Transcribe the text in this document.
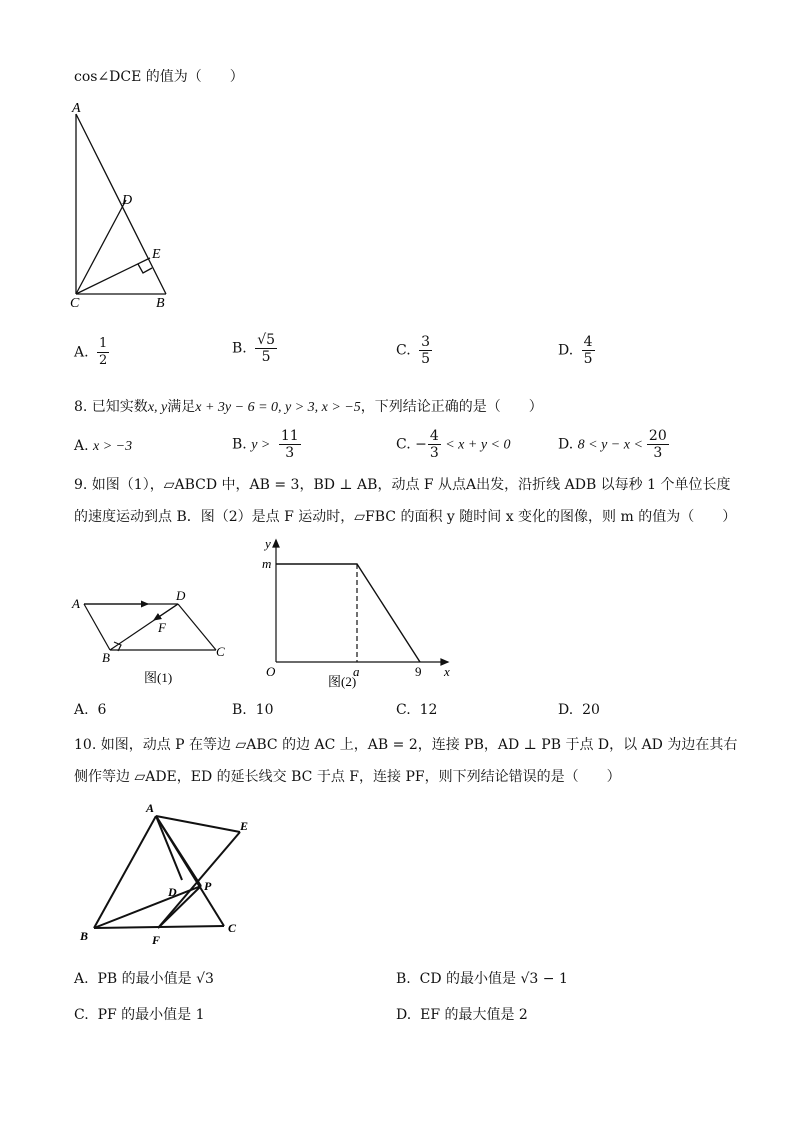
cos∠DCE 的值为（　　）
A
D
E
C	B
A. $\frac{1}{2}$	B. $\frac{√5}{5}$	C. $\frac{3}{5}$	D. $\frac{4}{5}$
8. 已知实数x, y满足x + 3y − 6 = 0, y > 3, x > −5，下列结论正确的是（　　）
A. x > −3	B. $y > \frac{11}{3}$	C. − $\frac{4}{3} < x + y < 0$	D. $8 < y - x < \frac{20}{3}$
9. 如图（1），▱ABCD 中，AB = 3，BD ⊥ AB，动点 F 从点A出发，沿折线 ADB 以每秒 1 个单位长度
的速度运动到点 B．图（2）是点 F 运动时，▱FBC 的面积 y 随时间 x 变化的图像，则 m 的值为（　　）
A
D
F
B	C
图(1)
y
m
O	a	9 x
图(2)
A. 6	B. 10	C. 12	D. 20
10. 如图，动点 P 在等边 ▱ABC 的边 AC 上，AB = 2，连接 PB，AD ⊥ PB 于点 D，以 AD 为边在其右
侧作等边 ▱ADE，ED 的延长线交 BC 于点 F，连接 PF，则下列结论错误的是（　　）
A
E
D P
B	F
C
A. PB 的最小值是 √3	B. CD 的最小值是 √3 − 1
C. PF 的最小值是 1	D. EF 的最大值是 2
